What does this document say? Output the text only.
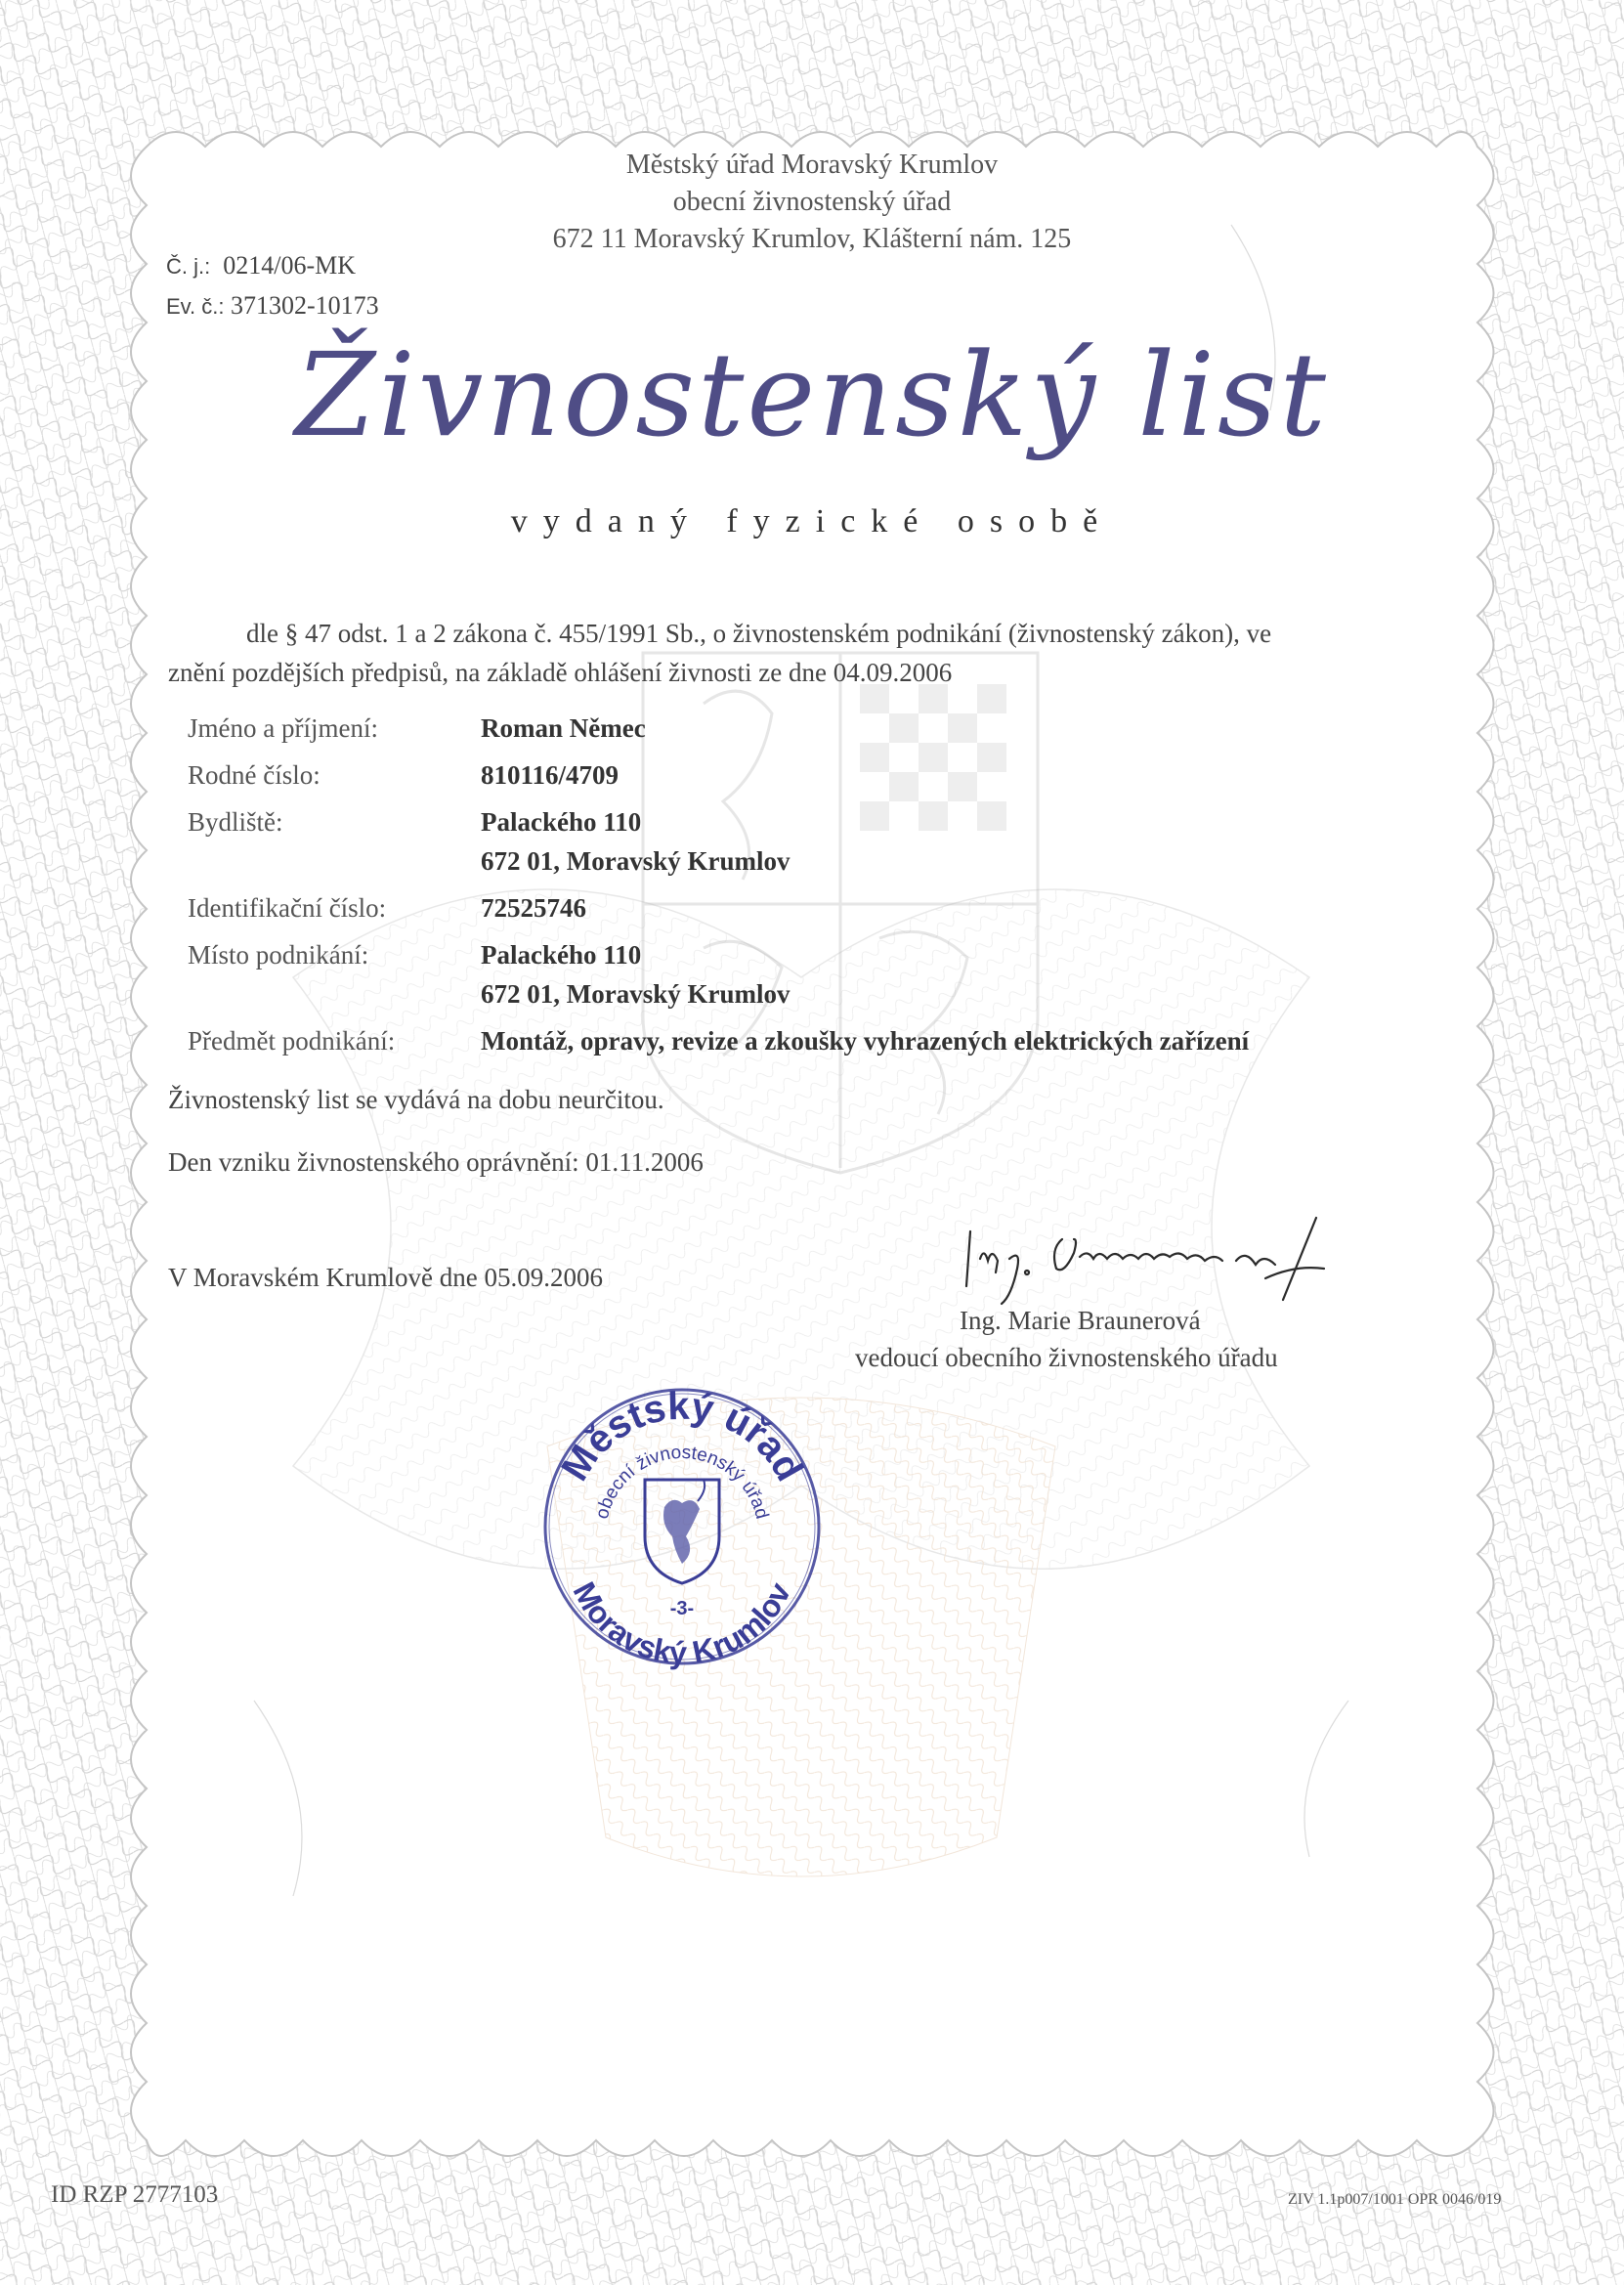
Městský úřad Moravský Krumlov
obecní živnostenský úřad
672 11 Moravský Krumlov, Klášterní nám. 125
Č. j.: 0214/06-MK
Ev. č.: 371302-10173
Živnostenský list
vydaný fyzické osobě
dle § 47 odst. 1 a 2 zákona č. 455/1991 Sb., o živnostenském podnikání (živnostenský zákon), ve
znění pozdějších předpisů, na základě ohlášení živnosti ze dne 04.09.2006
Jméno a příjmení:	Roman Němec
Rodné číslo:	810116/4709
Bydliště:	Palackého 110
672 01, Moravský Krumlov
Identifikační číslo:	72525746
Místo podnikání:	Palackého 110
672 01, Moravský Krumlov
Předmět podnikání:	Montáž, opravy, revize a zkoušky vyhrazených elektrických zařízení
Živnostenský list se vydává na dobu neurčitou.
Den vzniku živnostenského oprávnění: 01.11.2006
V Moravském Krumlově dne 05.09.2006
Ing. Marie Braunerová
vedoucí obecního živnostenského úřadu
Městský úřad
obecní živnostenský úřad
Moravský Krumlov
-3-
ID RZP 2777103	ZIV 1.1p007/1001 OPR 0046/019
